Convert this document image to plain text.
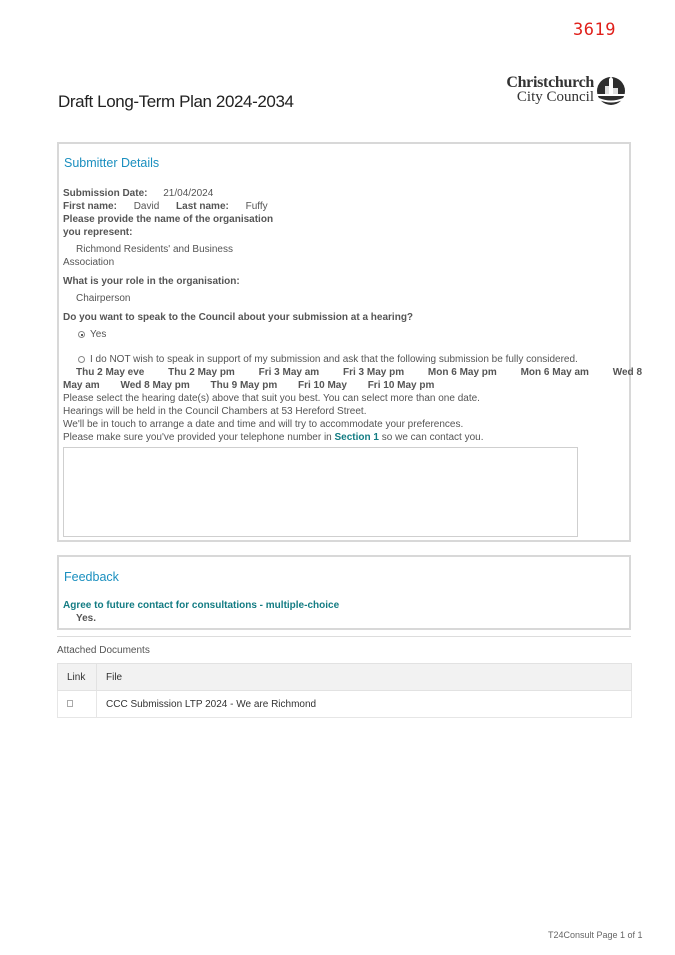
3619
Christchurch
City Council
Draft Long-Term Plan 2024-2034
Submitter Details
Submission Date: 21/04/2024
First name: David Last name: Fuffy
Please provide the name of the organisation
you represent:
Richmond Residents' and Business
Association
What is your role in the organisation:
Chairperson
Do you want to speak to the Council about your submission at a hearing?
Yes
I do NOT wish to speak in support of my submission and ask that the following submission be fully considered.
Thu 2 May eve Thu 2 May pm Fri 3 May am Fri 3 May pm Mon 6 May pm Mon 6 May am Wed 8
May am Wed 8 May pm Thu 9 May pm Fri 10 May Fri 10 May pm
Please select the hearing date(s) above that suit you best. You can select more than one date.
Hearings will be held in the Council Chambers at 53 Hereford Street.
We'll be in touch to arrange a date and time and will try to accommodate your preferences.
Please make sure you've provided your telephone number in Section 1 so we can contact you.
Feedback
Agree to future contact for consultations - multiple-choice
Yes.
Attached Documents
Link	File
	CCC Submission LTP 2024 - We are Richmond
T24Consult Page 1 of 1
